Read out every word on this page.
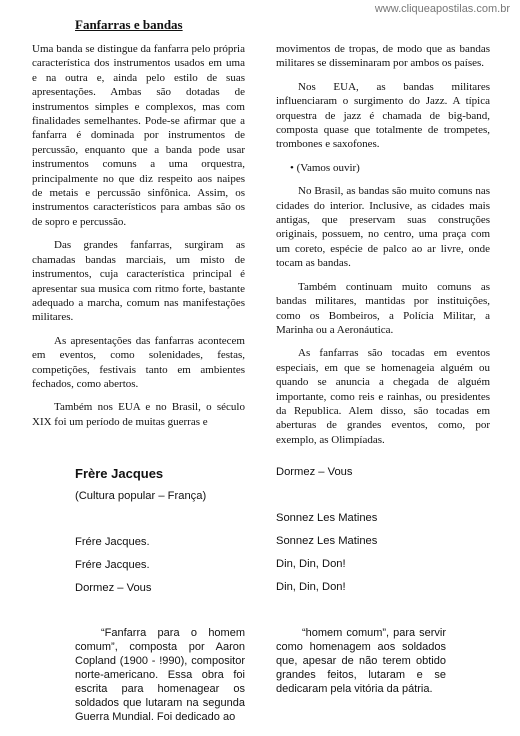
www.cliqueapostilas.com.br
Fanfarras e bandas

Uma banda se distingue da fanfarra pelo própria característica dos instrumentos usados em uma e na outra e, ainda pelo estilo de suas apresentações. Ambas são dotadas de instrumentos simples e complexos, mas com finalidades semelhantes. Pode-se afirmar que a fanfarra é dominada por instrumentos de percussão, enquanto que a banda pode usar instrumentos comuns a uma orquestra, principalmente no que diz respeito aos naipes de metais e percussão sinfônica. Assim, os instrumentos característicos para ambas são os de sopro e percussão.

Das grandes fanfarras, surgiram as chamadas bandas marciais, um misto de instrumentos, cuja característica principal é apresentar sua musica com ritmo forte, bastante adequado a marcha, comum nas manifestações militares.

As apresentações das fanfarras acontecem em eventos, como solenidades, festas, competições, festivais tanto em ambientes fechados, como abertos.

Também nos EUA e no Brasil, o século XIX foi um período de muitas guerras e

movimentos de tropas, de modo que as bandas militares se disseminaram por ambos os países.

Nos EUA, as bandas militares influenciaram o surgimento do Jazz. A típica orquestra de jazz é chamada de big-band, composta quase que totalmente de trompetes, trombones e saxofones.

• (Vamos ouvir)

No Brasil, as bandas são muito comuns nas cidades do interior. Inclusive, as cidades mais antigas, que preservam suas construções originais, possuem, no centro, uma praça com um coreto, espécie de palco ao ar livre, onde tocam as bandas.

Também continuam muito comuns as bandas militares, mantidas por instituições, como os Bombeiros, a Polícia Militar, a Marinha ou a Aeronáutica.

As fanfarras são tocadas em eventos especiais, em que se homenageia alguém ou quando se anuncia a chegada de alguém importante, como reis e rainhas, ou presidentes da Republica. Alem disso, são tocadas em aberturas de grandes eventos, como, por exemplo, as Olimpíadas.

Frère Jacques
(Cultura popular – França)
Frére Jacques.
Frére Jacques.
Dormez – Vous
Dormez – Vous
Sonnez Les Matines
Sonnez Les Matines
Din, Din, Don!
Din, Din, Don!
“Fanfarra para o homem comum”, composta por Aaron Copland (1900 - !990), compositor norte-americano. Essa obra foi escrita para homenagear os soldados que lutaram na segunda Guerra Mundial. Foi dedicado ao
“homem comum”, para servir como homenagem aos soldados que, apesar de não terem obtido grandes feitos, lutaram e se dedicaram pela vitória da pátria.
